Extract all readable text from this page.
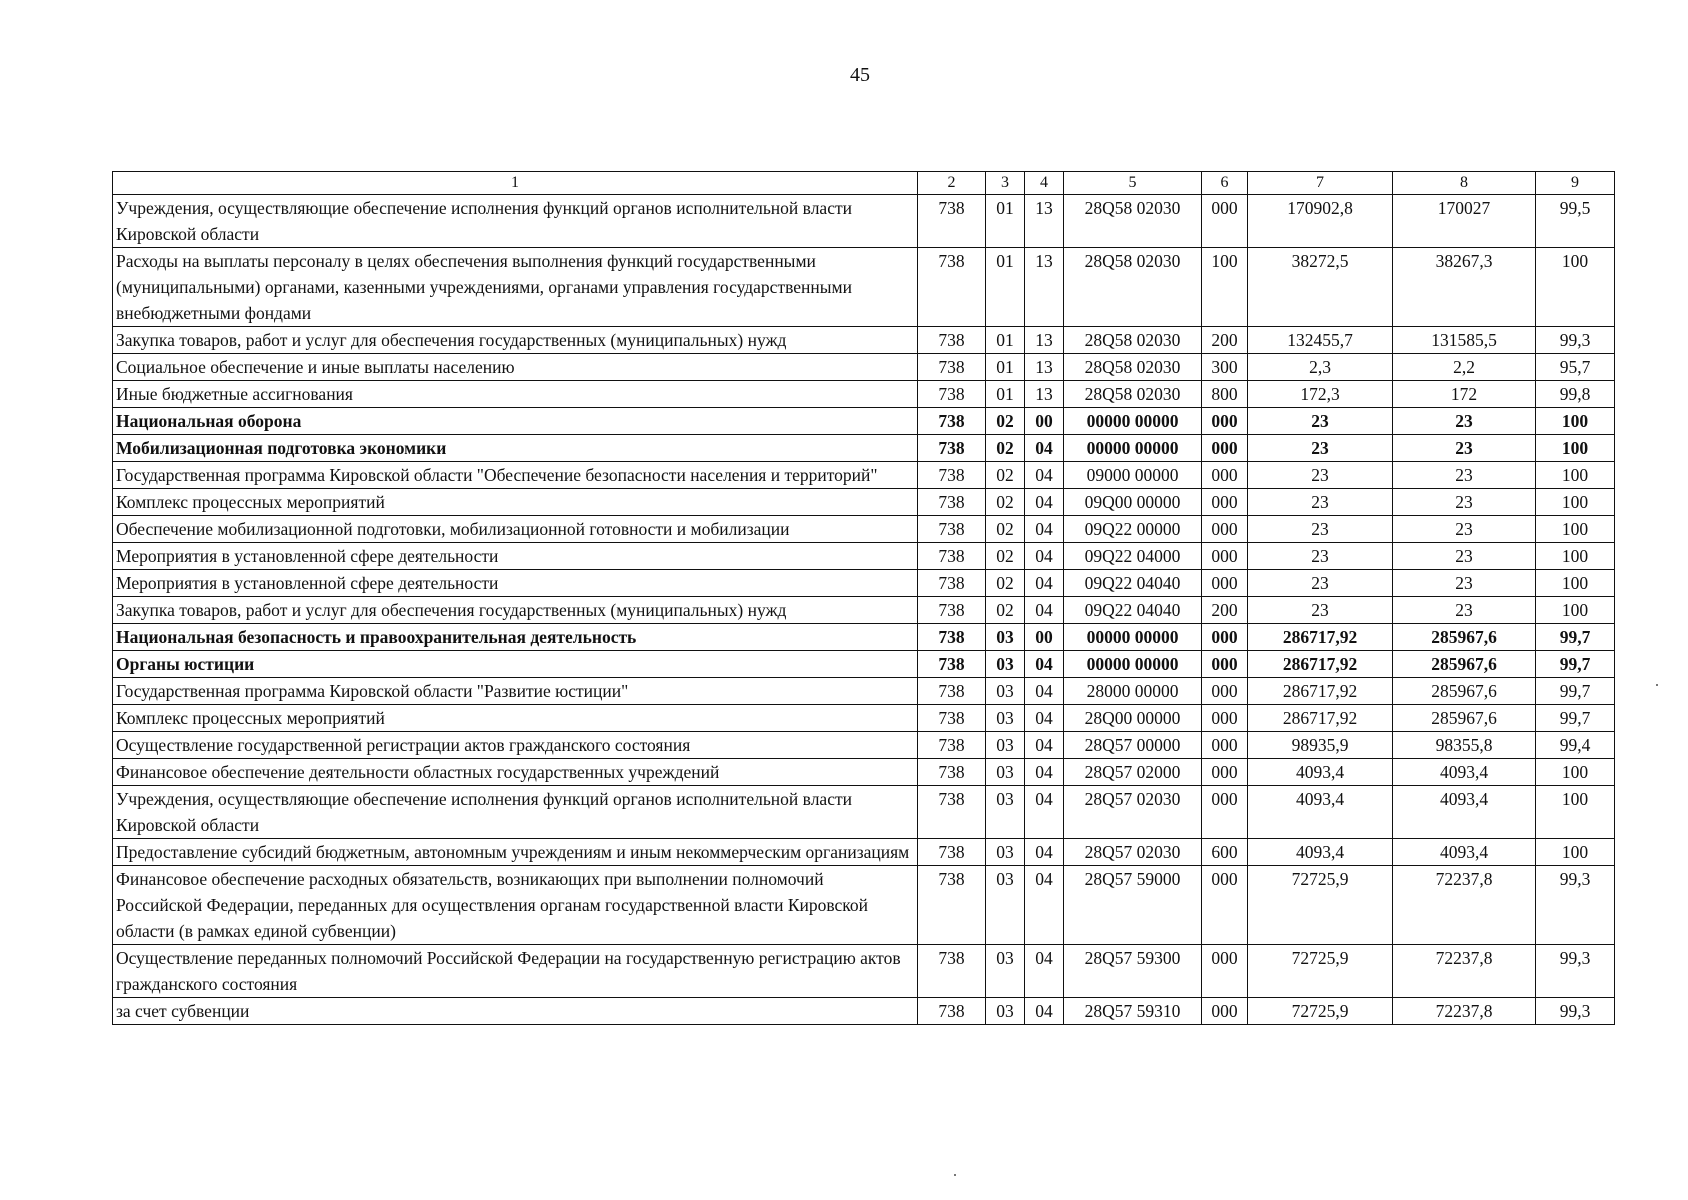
45
1	2	3	4	5	6	7	8	9
Учреждения, осуществляющие обеспечение исполнения функций органов исполнительной власти Кировской области	738	01	13	28Q58 02030	000	170902,8	170027	99,5
Расходы на выплаты персоналу в целях обеспечения выполнения функций государственными (муниципальными) органами, казенными учреждениями, органами управления государственными внебюджетными фондами	738	01	13	28Q58 02030	100	38272,5	38267,3	100
Закупка товаров, работ и услуг для обеспечения государственных (муниципальных) нужд	738	01	13	28Q58 02030	200	132455,7	131585,5	99,3
Социальное обеспечение и иные выплаты населению	738	01	13	28Q58 02030	300	2,3	2,2	95,7
Иные бюджетные ассигнования	738	01	13	28Q58 02030	800	172,3	172	99,8
Национальная оборона	738	02	00	00000 00000	000	23	23	100
Мобилизационная подготовка экономики	738	02	04	00000 00000	000	23	23	100
Государственная программа Кировской области "Обеспечение безопасности населения и территорий"	738	02	04	09000 00000	000	23	23	100
Комплекс процессных мероприятий	738	02	04	09Q00 00000	000	23	23	100
Обеспечение мобилизационной подготовки, мобилизационной готовности и мобилизации	738	02	04	09Q22 00000	000	23	23	100
Мероприятия в установленной сфере деятельности	738	02	04	09Q22 04000	000	23	23	100
Мероприятия в установленной сфере деятельности	738	02	04	09Q22 04040	000	23	23	100
Закупка товаров, работ и услуг для обеспечения государственных (муниципальных) нужд	738	02	04	09Q22 04040	200	23	23	100
Национальная безопасность и правоохранительная деятельность	738	03	00	00000 00000	000	286717,92	285967,6	99,7
Органы юстиции	738	03	04	00000 00000	000	286717,92	285967,6	99,7
Государственная программа Кировской области "Развитие юстиции"	738	03	04	28000 00000	000	286717,92	285967,6	99,7
Комплекс процессных мероприятий	738	03	04	28Q00 00000	000	286717,92	285967,6	99,7
Осуществление государственной регистрации актов гражданского состояния	738	03	04	28Q57 00000	000	98935,9	98355,8	99,4
Финансовое обеспечение деятельности областных государственных учреждений	738	03	04	28Q57 02000	000	4093,4	4093,4	100
Учреждения, осуществляющие обеспечение исполнения функций органов исполнительной власти Кировской области	738	03	04	28Q57 02030	000	4093,4	4093,4	100
Предоставление субсидий бюджетным, автономным учреждениям и иным некоммерческим организациям	738	03	04	28Q57 02030	600	4093,4	4093,4	100
Финансовое обеспечение расходных обязательств, возникающих при выполнении полномочий Российской Федерации, переданных для осуществления органам государственной власти Кировской области (в рамках единой субвенции)	738	03	04	28Q57 59000	000	72725,9	72237,8	99,3
Осуществление переданных полномочий Российской Федерации на государственную регистрацию актов гражданского состояния	738	03	04	28Q57 59300	000	72725,9	72237,8	99,3
за счет субвенции	738	03	04	28Q57 59310	000	72725,9	72237,8	99,3
